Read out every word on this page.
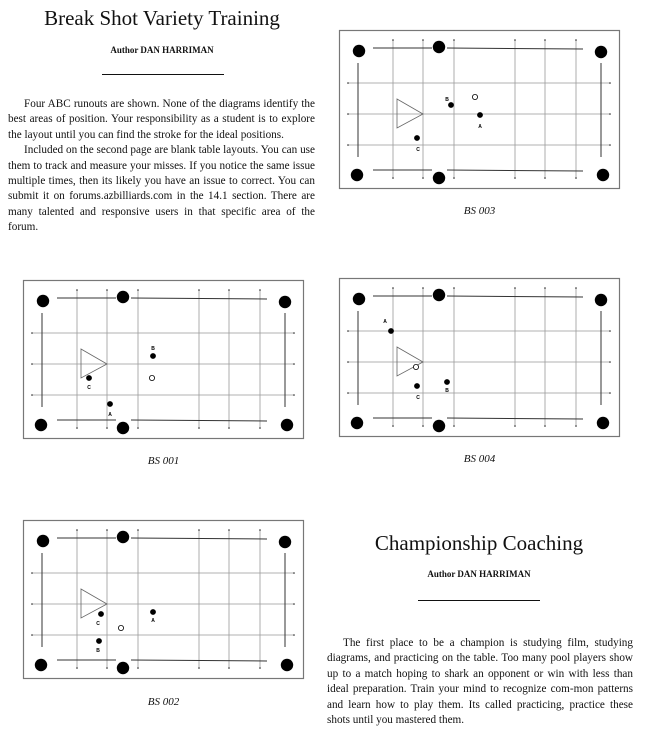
Break Shot Variety Training
Author DAN HARRIMAN

Four ABC runouts are shown. None of the diagrams identify the best areas of position. Your responsibility as a student is to explore the layout until you can find the stroke for the ideal positions.

Included on the second page are blank table layouts. You can use them to track and measure your misses. If you notice the same issue multiple times, then its likely you have an issue to correct. You can submit it on forums.azbilliards.com in the 14.1 section. There are many talented and responsive users in that specific area of the forum.

Championship Coaching
Author DAN HARRIMAN

The first place to be a champion is studying film, studying diagrams, and practicing on the table. Too many pool players show up to a match hoping to shark an opponent or win with less than ideal preparation. Train your mind to recognize com-mon patterns and learn how to play them. Its called practicing, practice these shots until you mastered them.

B
A
C
BS 003
B
C
A
BS 001
A
C
B
BS 004
C	A
B
BS 002
